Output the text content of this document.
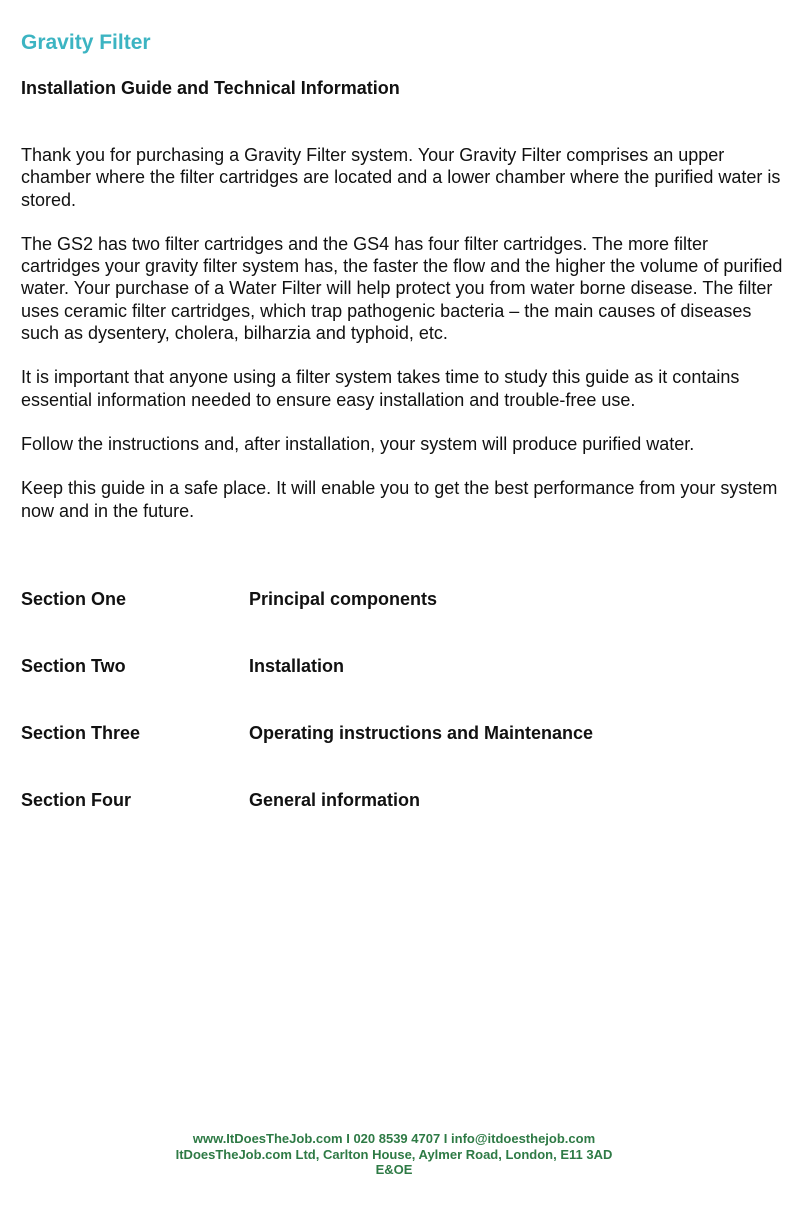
Gravity Filter
Installation Guide and Technical Information

Thank you for purchasing a Gravity Filter system. Your Gravity Filter comprises an upper chamber where the filter cartridges are located and a lower chamber where the purified water is stored.

The GS2 has two filter cartridges and the GS4 has four filter cartridges. The more filter cartridges your gravity filter system has, the faster the flow and the higher the volume of purified water. Your purchase of a Water Filter will help protect you from water borne disease. The filter uses ceramic filter cartridges, which trap pathogenic bacteria – the main causes of diseases such as dysentery, cholera, bilharzia and typhoid, etc.

It is important that anyone using a filter system takes time to study this guide as it contains essential information needed to ensure easy installation and trouble-free use.

Follow the instructions and, after installation, your system will produce purified water.

Keep this guide in a safe place. It will enable you to get the best performance from your system now and in the future.

Section One	Principal components
Section Two	Installation
Section Three	Operating instructions and Maintenance
Section Four	General information
www.ItDoesTheJob.com I 020 8539 4707 I info@itdoesthejob.com
ItDoesTheJob.com Ltd, Carlton House, Aylmer Road, London, E11 3AD
E&OE
